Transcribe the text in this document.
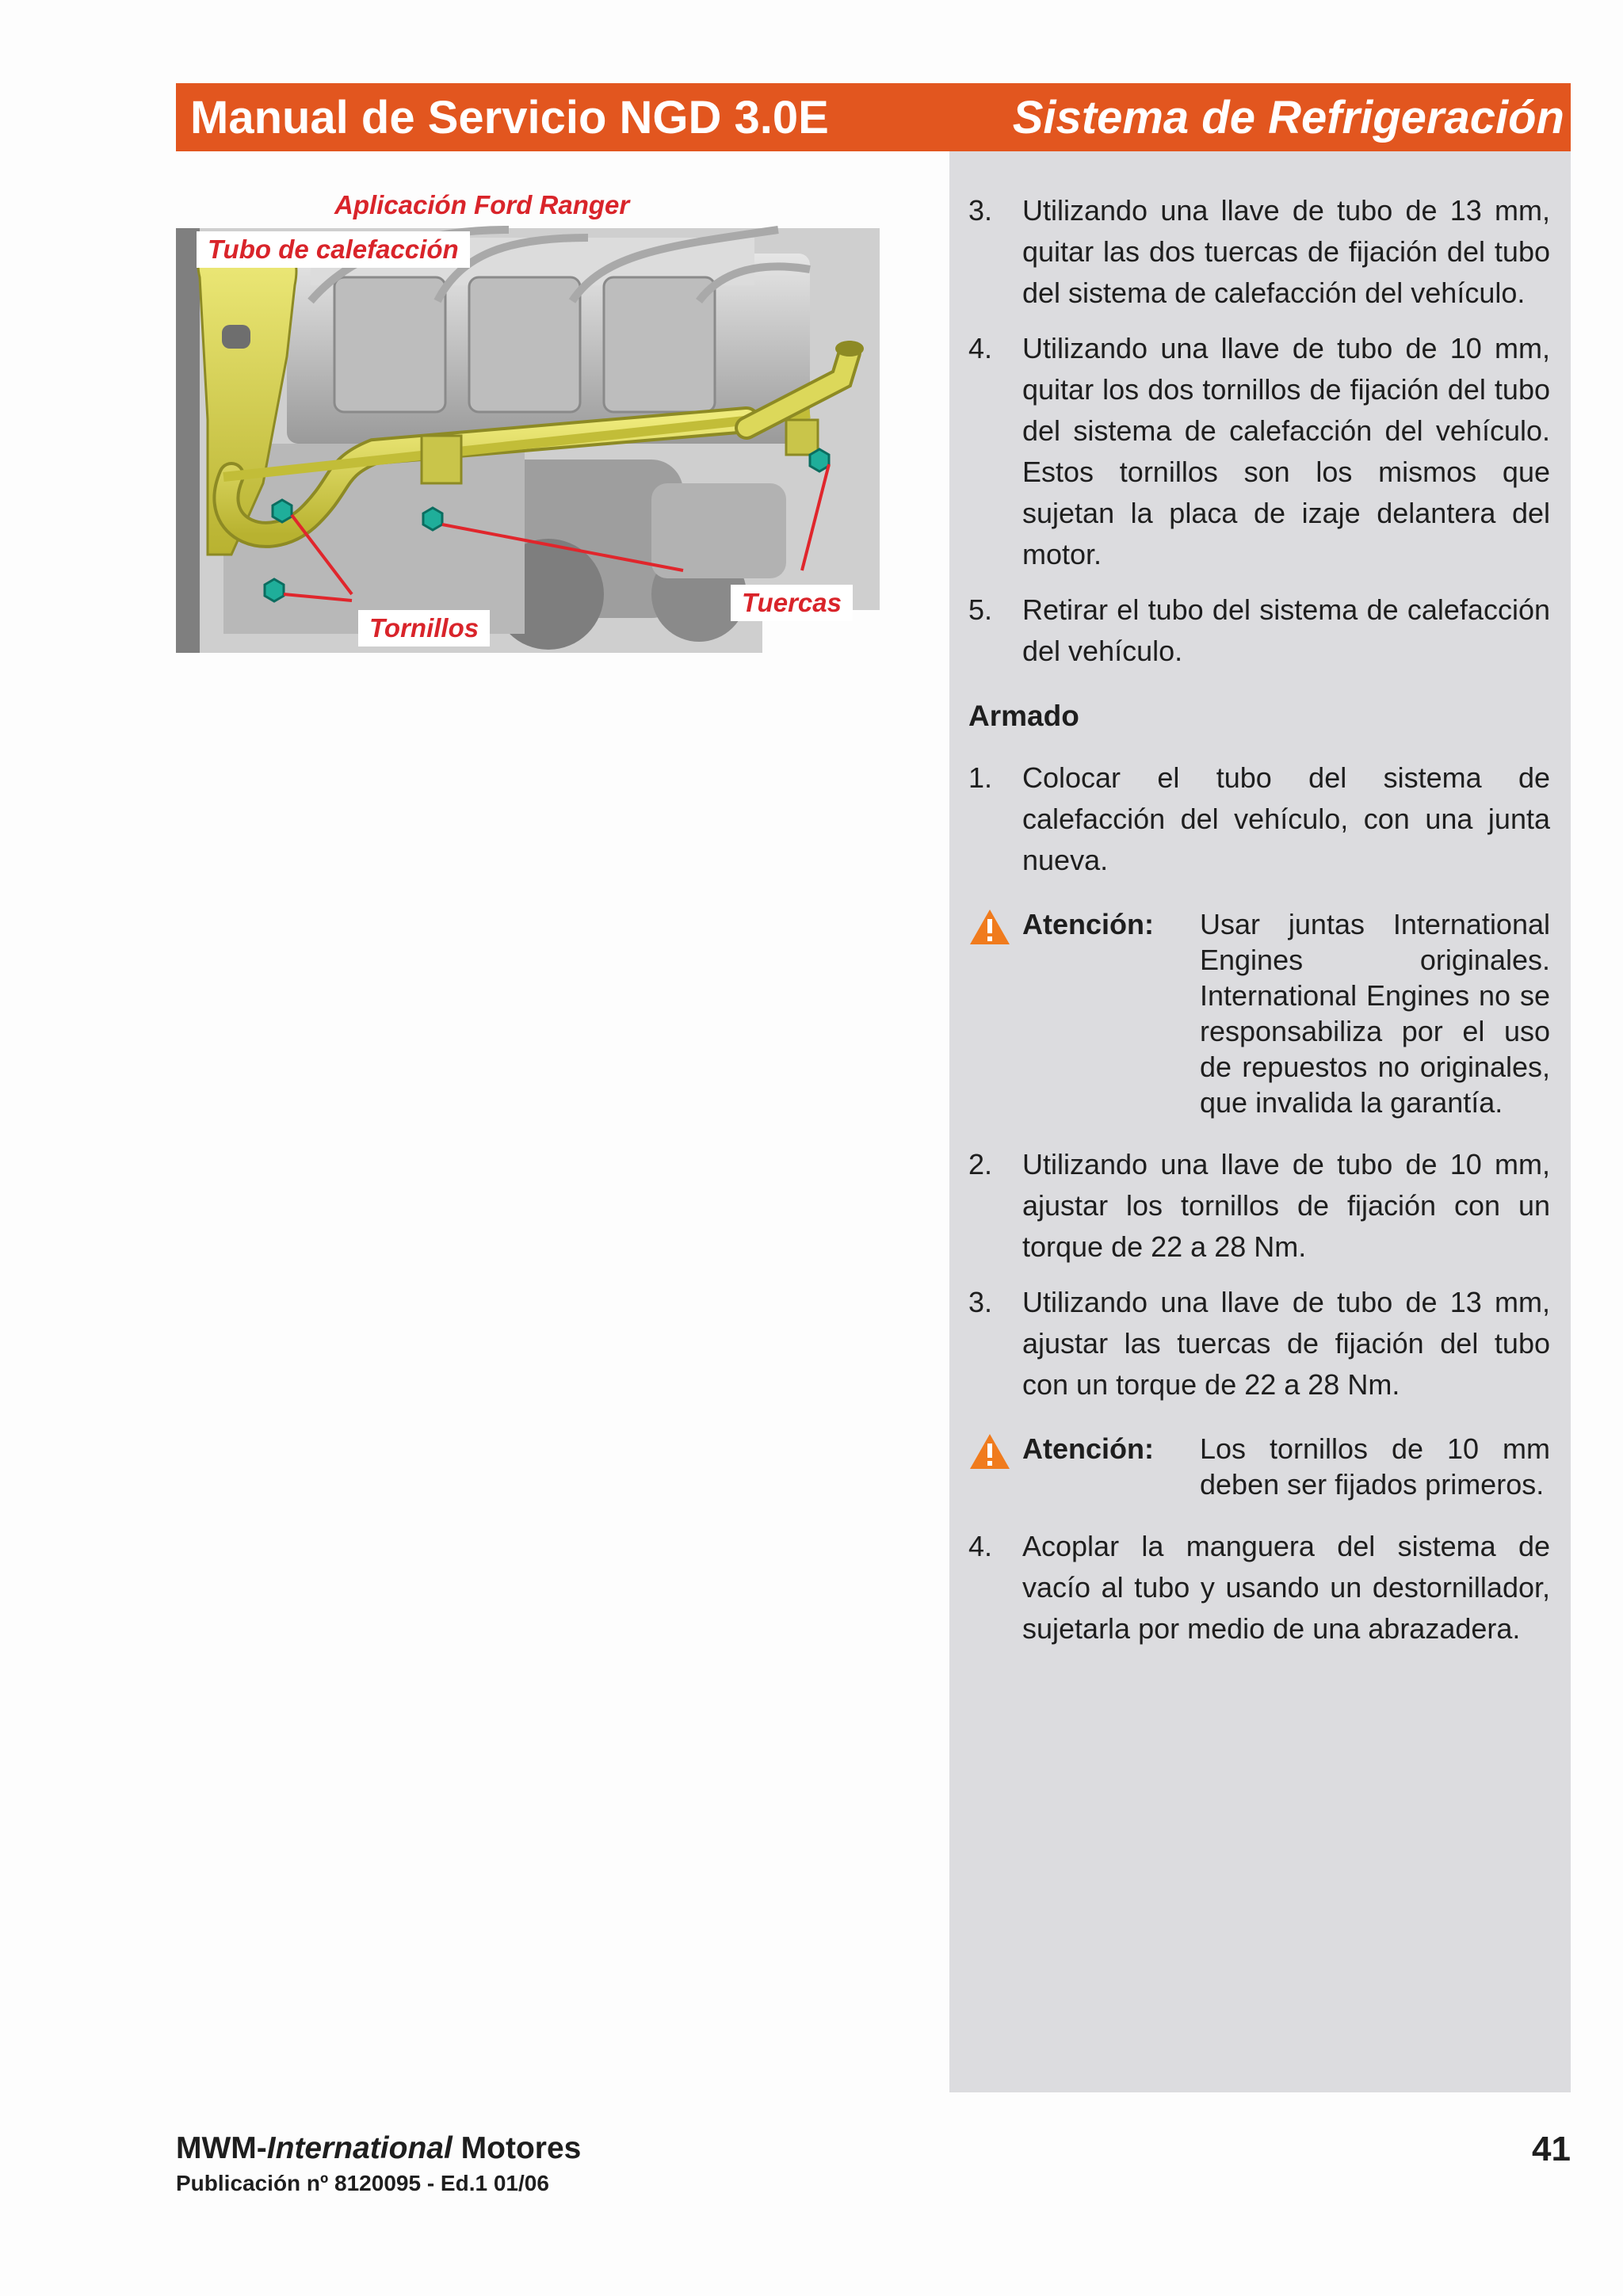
Manual de Servicio NGD 3.0E	Sistema de Refrigeración
Aplicación Ford Ranger
Tubo de calefacción
Tornillos
Tuercas
3.	Utilizando una llave de tubo de 13 mm, quitar las dos tuercas de fijación del tubo del sistema de calefacción del vehículo.
4.	Utilizando una llave de tubo de 10 mm, quitar los dos tornillos de fijación del tubo del sistema de calefacción del vehículo. Estos tornillos son los mismos que sujetan la placa de izaje delantera del motor.
5.	Retirar el tubo del sistema de calefacción del vehículo.
Armado
1.	Colocar el tubo del sistema de calefacción del vehículo, con una junta nueva.
Atención:	Usar juntas International Engines originales. International Engines no se responsabiliza por el uso de repuestos no originales, que invalida la garantía.
2.	Utilizando una llave de tubo de 10 mm, ajustar los tornillos de fijación con un torque de 22 a 28 Nm.
3.	Utilizando una llave de tubo de 13 mm, ajustar las tuercas de fijación del tubo con un torque de 22 a 28 Nm.
Atención:	Los tornillos de 10 mm deben ser fijados primeros.
4.	Acoplar la manguera del sistema de vacío al tubo y usando un destornillador, sujetarla por medio de una abrazadera.
MWM-International Motores
Publicación nº 8120095 - Ed.1 01/06
41
